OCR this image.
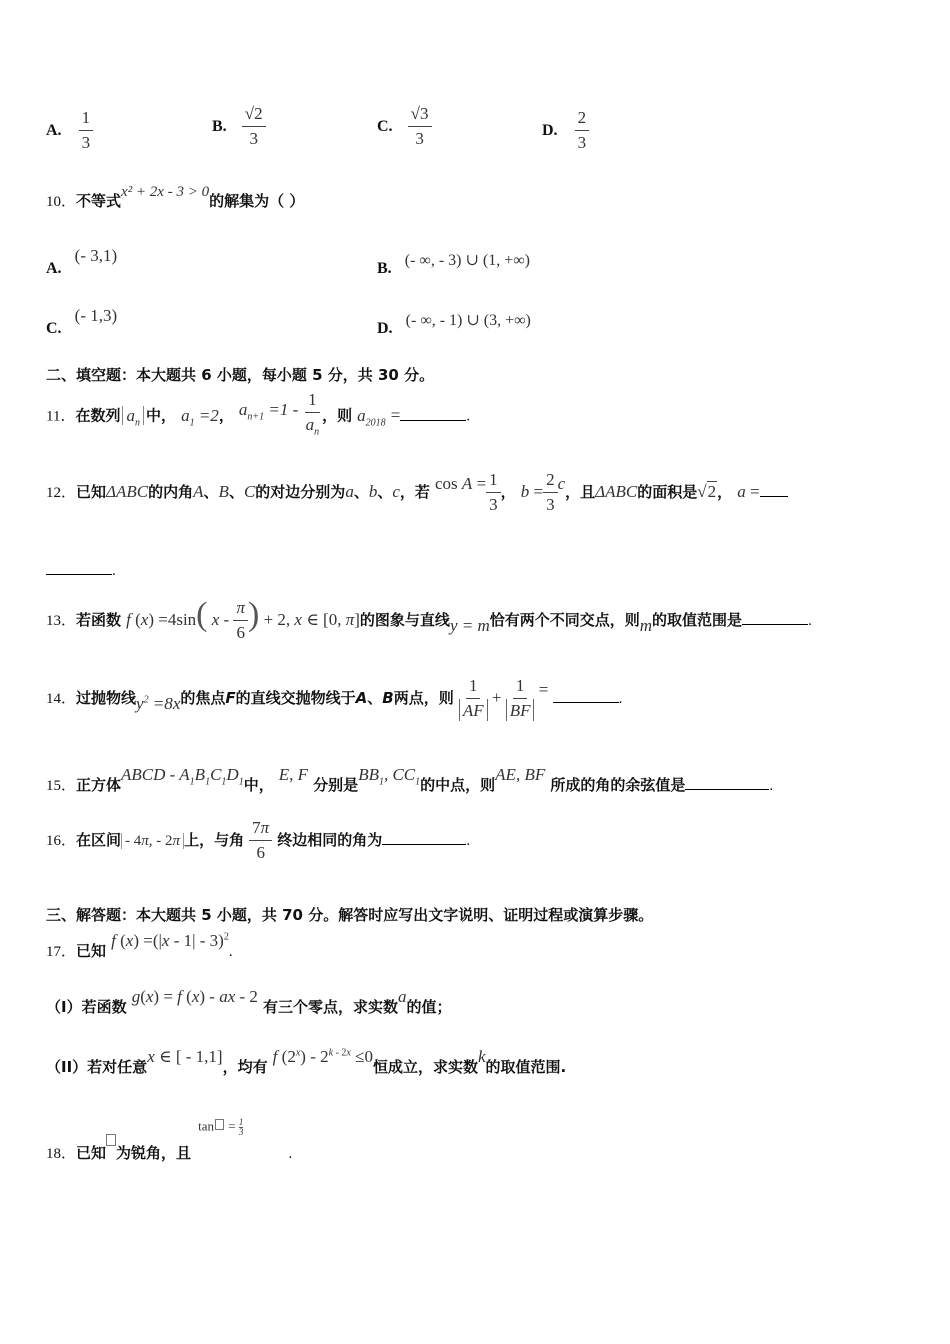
A. $\frac{1}{3}$	B. $\frac{√2}{3}$	C. $\frac{√3}{3}$	D. $\frac{2}{3}$
10．不等式x² + 2x - 3 > 0的解集为（ ）
A. (- 3,1)
B. (- ∞, - 3) ∪ (1, +∞)
C. (- 1,3)
D. (- ∞, - 1) ∪ (3, +∞)
二、填空题：本大题共 6 小题，每小题 5 分，共 30 分。
11．在数列 $a_n$ 中， $a_1 =2$， $a_{n+1} =1 - \frac{1}{a_n}$ ，则 $a_{2018}$ =	.
12．已知ΔABC的内角A、B、C的对边分别为a、b、c，若 $\cos A = \frac{1}{3}$ ， $b = \frac{2}{3}$ c，且ΔABC的面积是√2， a =
.
13．若函数 f (x) =4sin( x - $\frac{\pi}{6}$ ) + 2, x ∈ [0, π]的图象与直线y = m恰有两个不同交点，则m的取值范围是	.
14．过抛物线$y^2 =8x$的焦点F的直线交抛物线于A、B两点，则 $\frac{1}{AF} + \frac{1}{BF}$ =	.
15．正方体ABCD - $A_1B_1C_1D_1$中， E, F 分别是$BB_1$, $CC_1$的中点，则AE, BF 所成的角的余弦值是	.
16．在区间 - 4π, - 2π 上，与角 $\frac{7\pi}{6}$ 终边相同的角为	.
三、解答题：本大题共 5 小题，共 70 分。解答时应写出文字说明、证明过程或演算步骤。
17．已知 f (x) =(|x - 1| - 3)$^2$.
（I）若函数 g(x) = f (x) - ax - 2 有三个零点，求实数a的值；
（II）若对任意x ∈ [ - 1,1]，均有 f $(2^x) - 2^{k - 2x} \le 0$恒成立，求实数k的取值范围.
18．已知 为锐角，且 $\tan = \frac{1}{3}$
.
